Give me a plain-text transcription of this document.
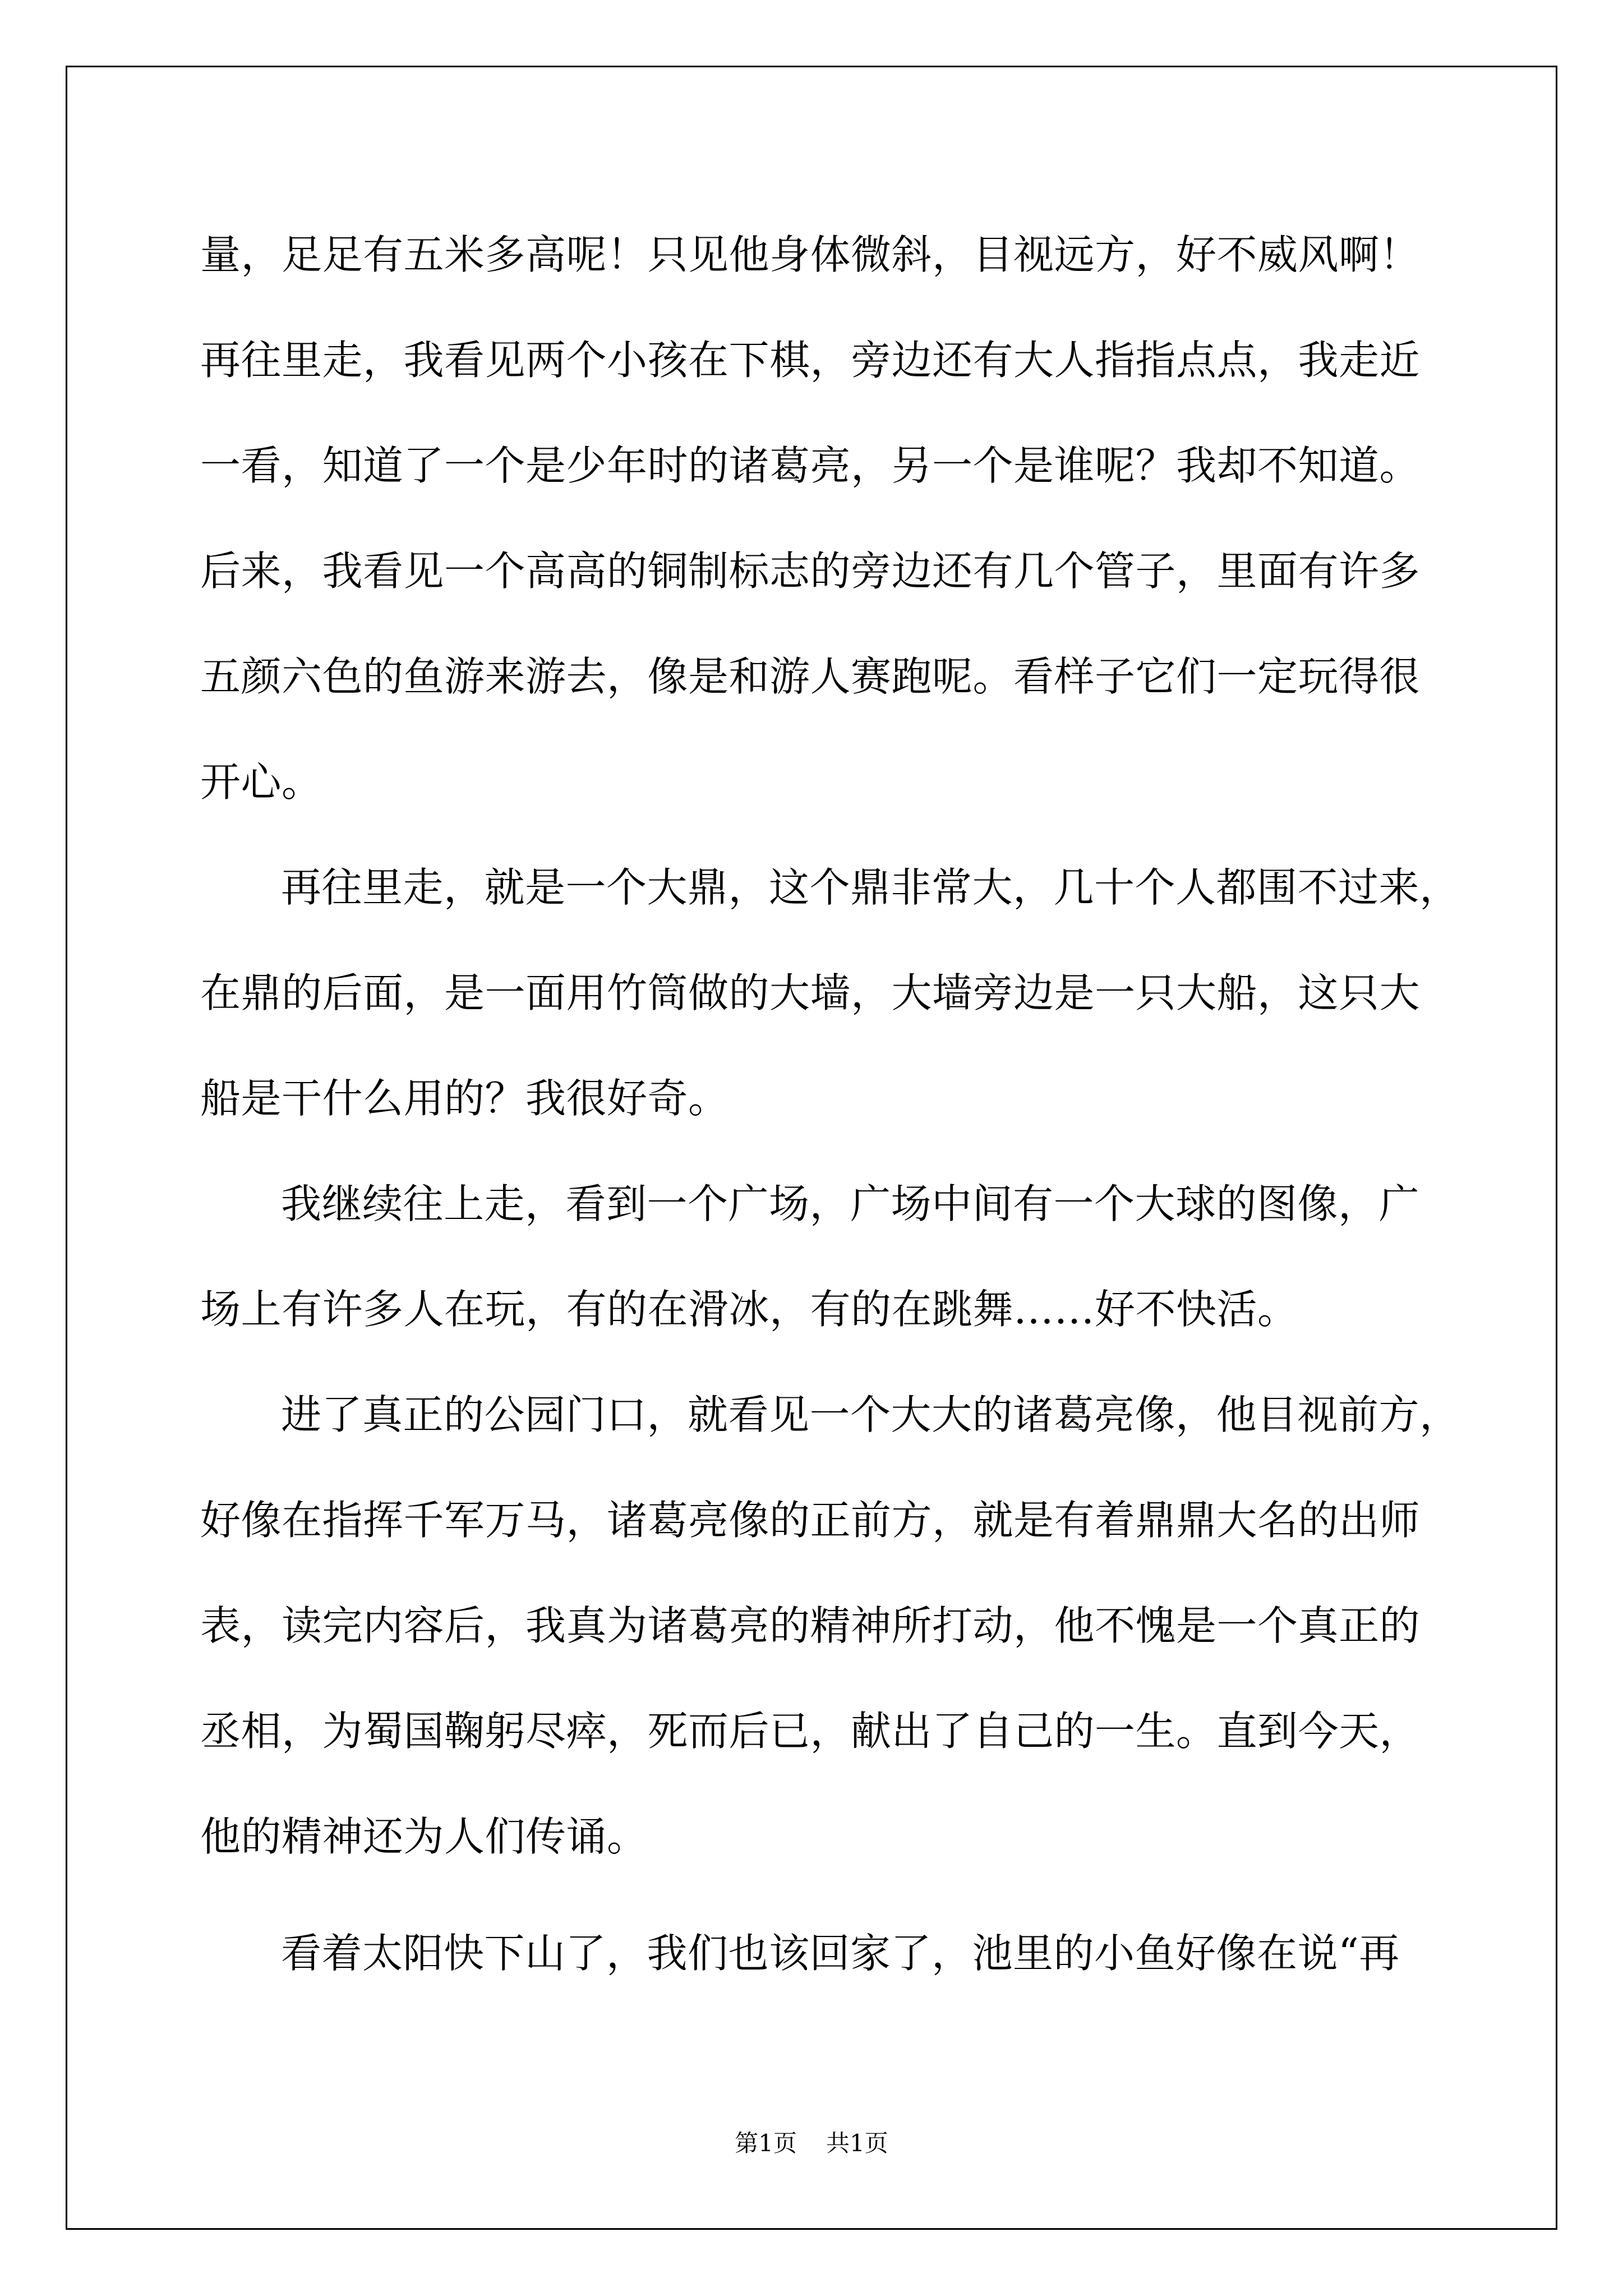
量，足足有五米多高呢！只见他身体微斜，目视远方，好不威风啊！
再往里走，我看见两个小孩在下棋，旁边还有大人指指点点，我走近
一看，知道了一个是少年时的诸葛亮，另一个是谁呢？我却不知道。
后来，我看见一个高高的铜制标志的旁边还有几个管子，里面有许多
五颜六色的鱼游来游去，像是和游人赛跑呢。看样子它们一定玩得很
开心。
再往里走，就是一个大鼎，这个鼎非常大，几十个人都围不过来，
在鼎的后面，是一面用竹筒做的大墙，大墙旁边是一只大船，这只大
船是干什么用的？我很好奇。
我继续往上走，看到一个广场，广场中间有一个大球的图像，广
场上有许多人在玩，有的在滑冰，有的在跳舞……好不快活。
进了真正的公园门口，就看见一个大大的诸葛亮像，他目视前方，
好像在指挥千军万马，诸葛亮像的正前方，就是有着鼎鼎大名的出师
表，读完内容后，我真为诸葛亮的精神所打动，他不愧是一个真正的
丞相，为蜀国鞠躬尽瘁，死而后已，献出了自己的一生。直到今天，
他的精神还为人们传诵。
看着太阳快下山了，我们也该回家了，池里的小鱼好像在说“再
第1页 共1页
